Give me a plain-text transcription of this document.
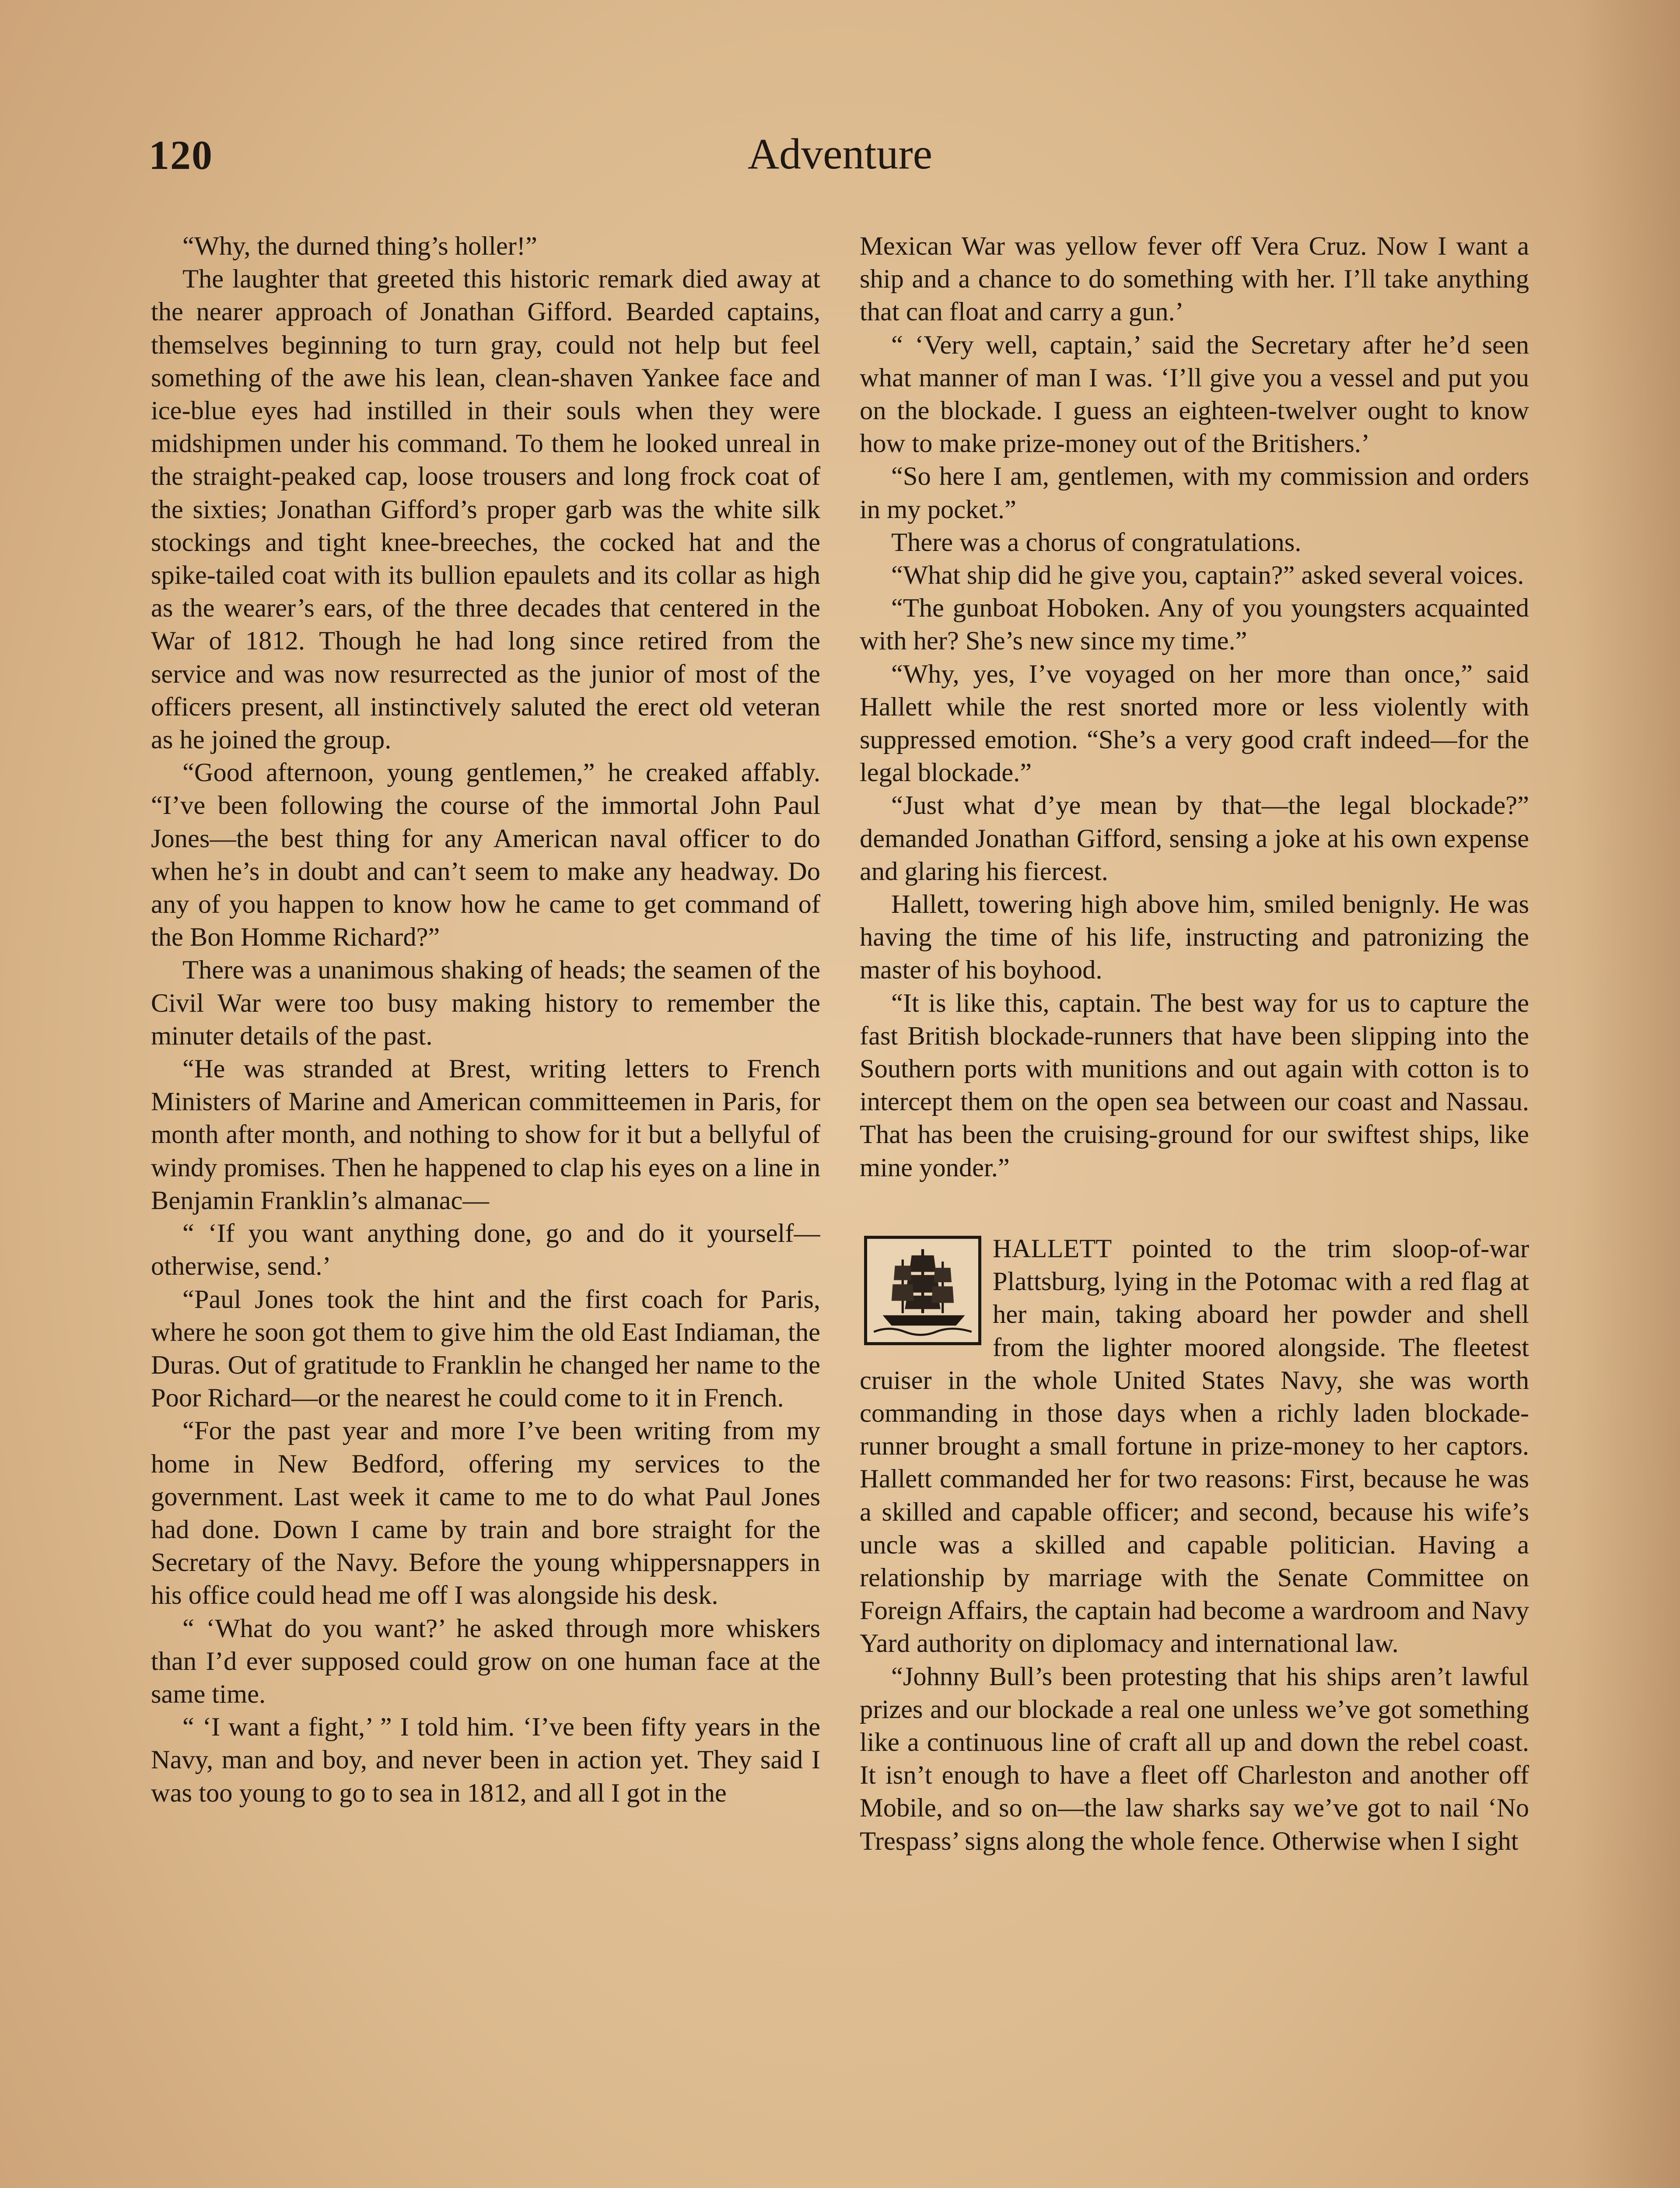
120	Adventure

“Why, the durned thing’s holler!”

The laughter that greeted this historic remark died away at the nearer approach of Jonathan Gifford. Bearded captains, themselves beginning to turn gray, could not help but feel something of the awe his lean, clean-shaven Yankee face and ice-blue eyes had instilled in their souls when they were midshipmen under his command. To them he looked unreal in the straight-peaked cap, loose trousers and long frock coat of the sixties; Jonathan Gifford’s proper garb was the white silk stockings and tight knee-breeches, the cocked hat and the spike-tailed coat with its bullion epaulets and its collar as high as the wearer’s ears, of the three decades that centered in the War of 1812. Though he had long since retired from the service and was now resurrected as the junior of most of the officers present, all instinctively saluted the erect old veteran as he joined the group.

“Good afternoon, young gentlemen,” he creaked affably. “I’ve been following the course of the immortal John Paul Jones—the best thing for any American naval officer to do when he’s in doubt and can’t seem to make any headway. Do any of you happen to know how he came to get command of the Bon Homme Richard?”

There was a unanimous shaking of heads; the seamen of the Civil War were too busy making history to remember the minuter details of the past.

“He was stranded at Brest, writing letters to French Ministers of Marine and American committeemen in Paris, for month after month, and nothing to show for it but a bellyful of windy promises. Then he happened to clap his eyes on a line in Benjamin Franklin’s almanac—

“ ‘If you want anything done, go and do it yourself—otherwise, send.’

“Paul Jones took the hint and the first coach for Paris, where he soon got them to give him the old East Indiaman, the Duras. Out of gratitude to Franklin he changed her name to the Poor Richard—or the nearest he could come to it in French.

“For the past year and more I’ve been writing from my home in New Bedford, offering my services to the government. Last week it came to me to do what Paul Jones had done. Down I came by train and bore straight for the Secretary of the Navy. Before the young whippersnappers in his office could head me off I was alongside his desk.

“ ‘What do you want?’ he asked through more whiskers than I’d ever supposed could grow on one human face at the same time.

“ ‘I want a fight,’ ” I told him. ‘I’ve been fifty years in the Navy, man and boy, and never been in action yet. They said I was too young to go to sea in 1812, and all I got in the

Mexican War was yellow fever off Vera Cruz. Now I want a ship and a chance to do something with her. I’ll take anything that can float and carry a gun.’

“ ‘Very well, captain,’ said the Secretary after he’d seen what manner of man I was. ‘I’ll give you a vessel and put you on the blockade. I guess an eighteen-twelver ought to know how to make prize-money out of the Britishers.’

“So here I am, gentlemen, with my commission and orders in my pocket.”

There was a chorus of congratulations.

“What ship did he give you, captain?” asked several voices.

“The gunboat Hoboken. Any of you youngsters acquainted with her? She’s new since my time.”

“Why, yes, I’ve voyaged on her more than once,” said Hallett while the rest snorted more or less violently with suppressed emotion. “She’s a very good craft indeed—for the legal blockade.”

“Just what d’ye mean by that—the legal blockade?” demanded Jonathan Gifford, sensing a joke at his own expense and glaring his fiercest.

Hallett, towering high above him, smiled benignly. He was having the time of his life, instructing and patronizing the master of his boyhood.

“It is like this, captain. The best way for us to capture the fast British blockade-runners that have been slipping into the Southern ports with munitions and out again with cotton is to intercept them on the open sea between our coast and Nassau. That has been the cruising-ground for our swiftest ships, like mine yonder.”

HALLETT pointed to the trim sloop-of-war Plattsburg, lying in the Potomac with a red flag at her main, taking aboard her powder and shell from the lighter moored alongside. The fleetest cruiser in the whole United States Navy, she was worth commanding in those days when a richly laden blockade-runner brought a small fortune in prize-money to her captors. Hallett commanded her for two reasons: First, because he was a skilled and capable officer; and second, because his wife’s uncle was a skilled and capable politician. Having a relationship by marriage with the Senate Committee on Foreign Affairs, the captain had become a wardroom and Navy Yard authority on diplomacy and international law.

“Johnny Bull’s been protesting that his ships aren’t lawful prizes and our blockade a real one unless we’ve got something like a continuous line of craft all up and down the rebel coast. It isn’t enough to have a fleet off Charleston and another off Mobile, and so on—the law sharks say we’ve got to nail ‘No Trespass’ signs along the whole fence. Otherwise when I sight
